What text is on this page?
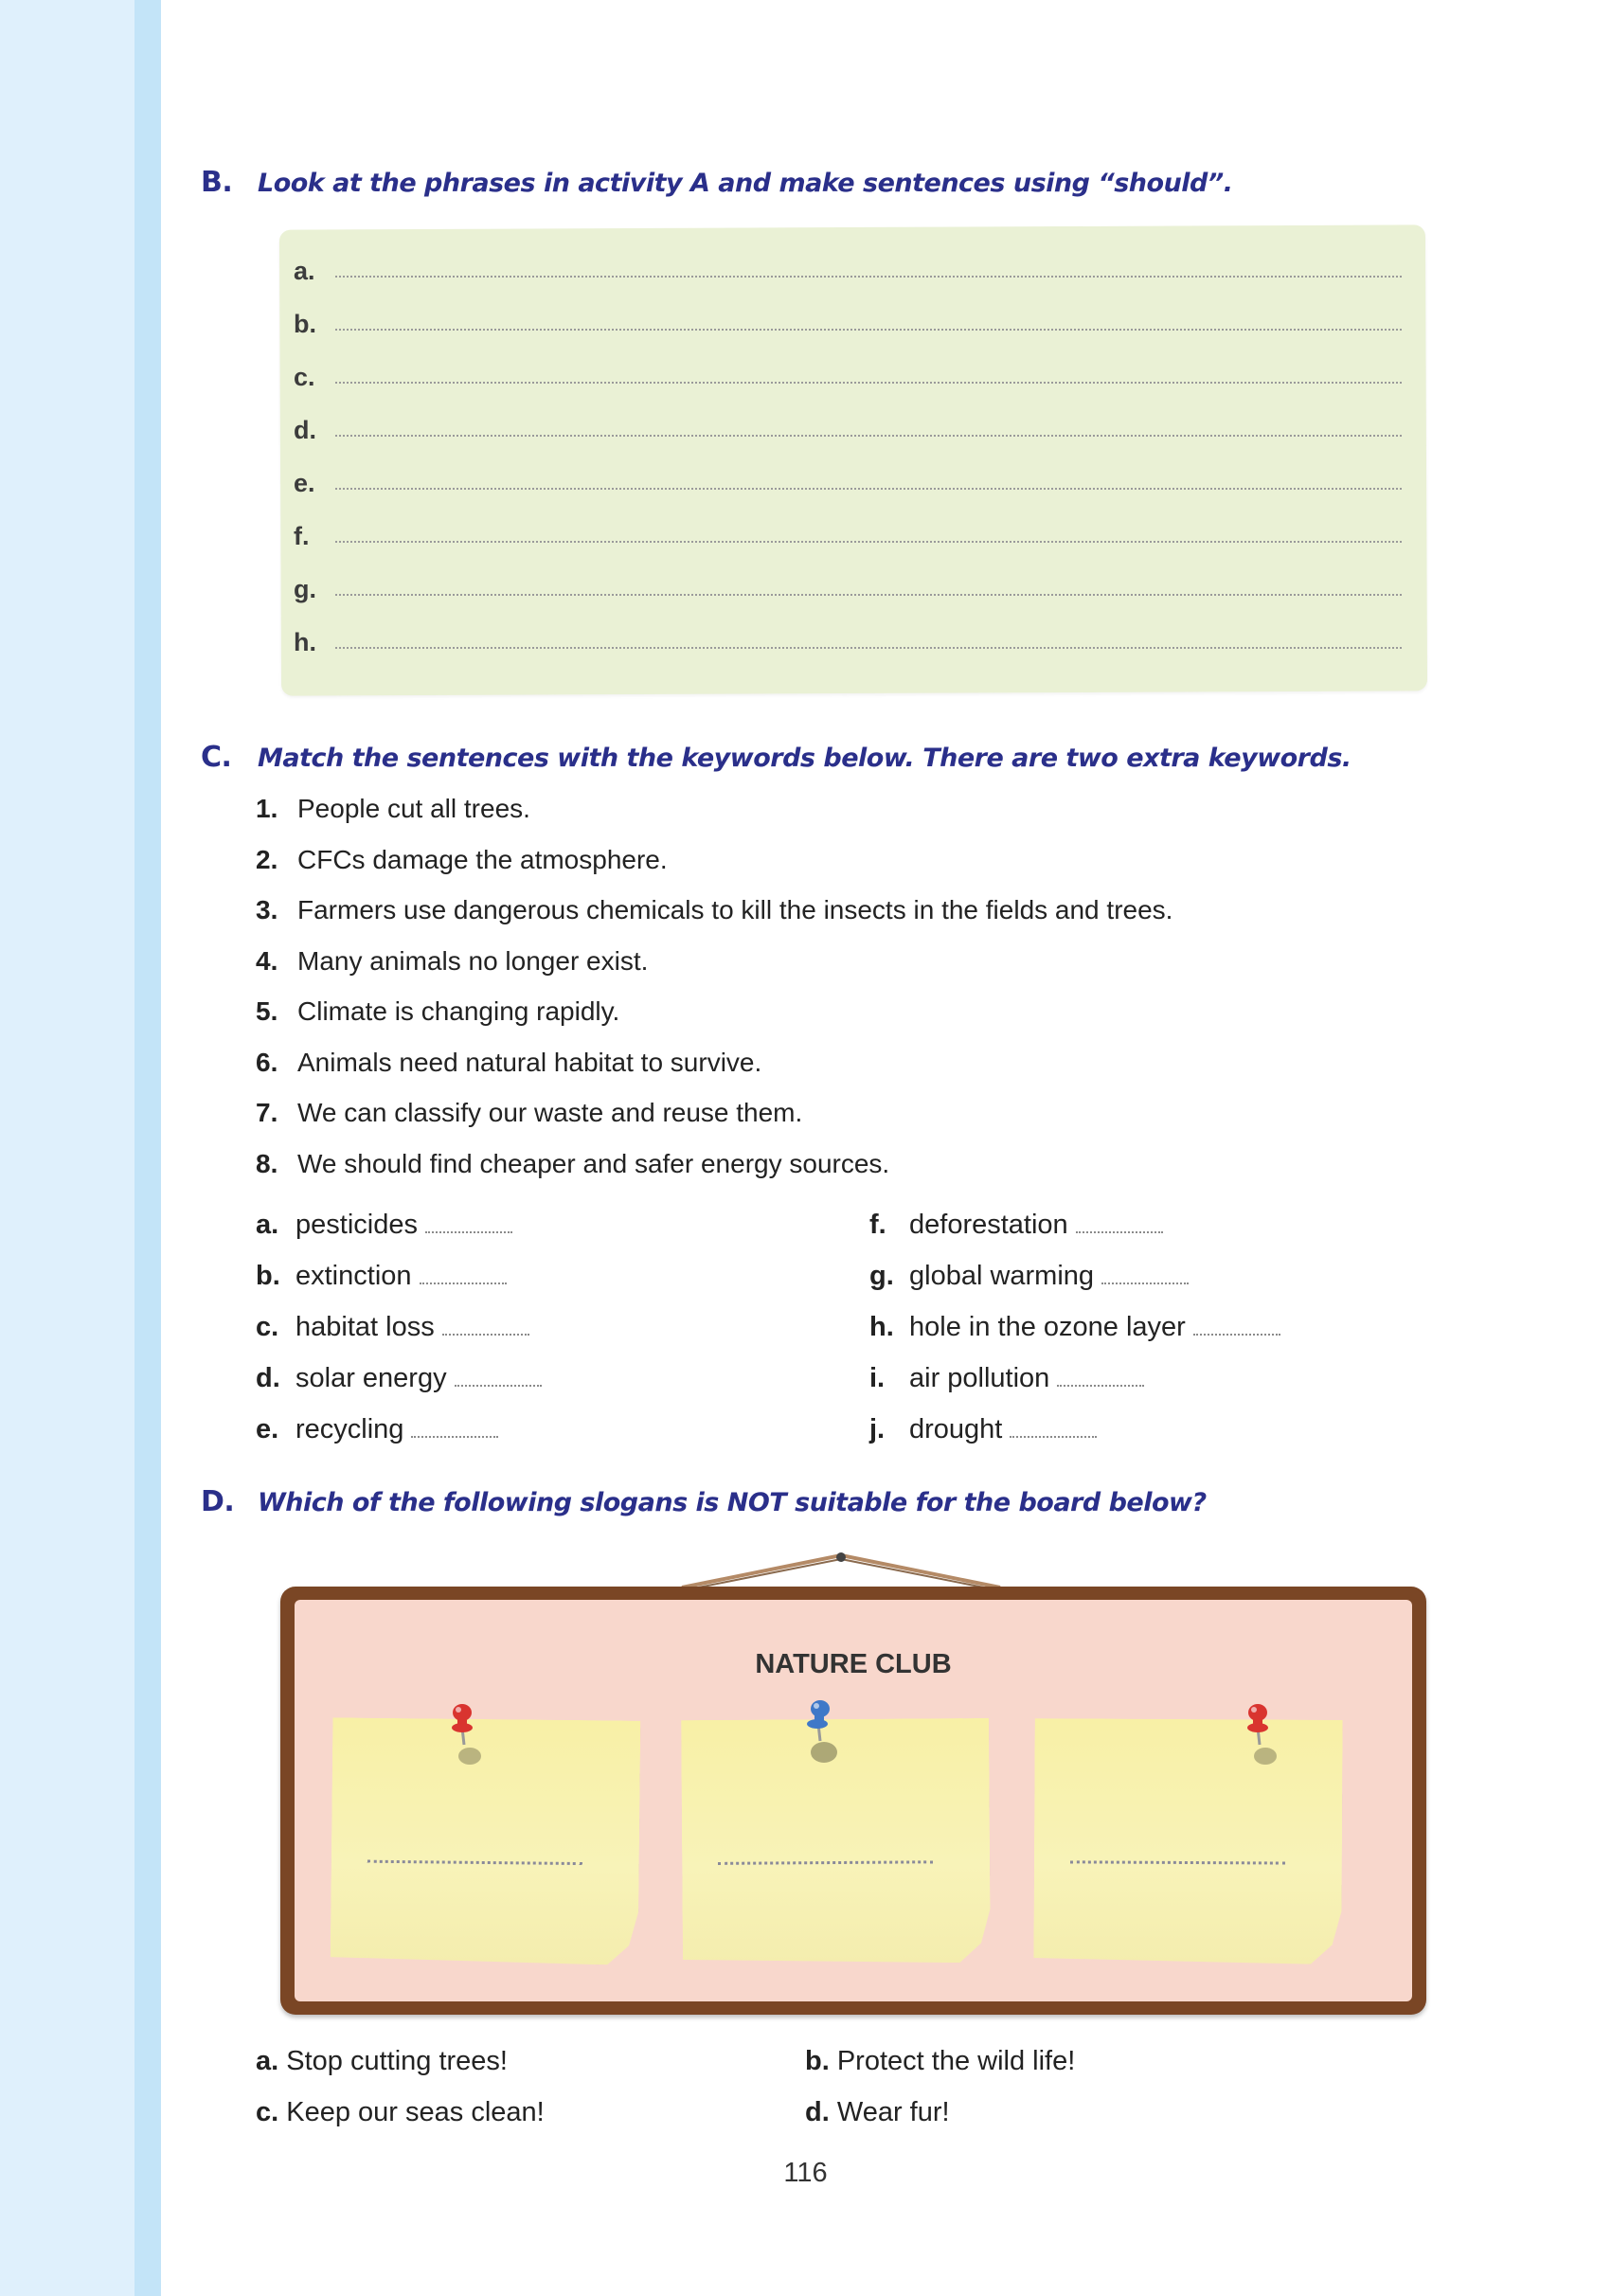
B. Look at the phrases in activity A and make sentences using “should”.
a.
b.
c.
d.
e.
f.
g.
h.
C. Match the sentences with the keywords below. There are two extra keywords.
1. People cut all trees.
2. CFCs damage the atmosphere.
3. Farmers use dangerous chemicals to kill the insects in the fields and trees.
4. Many animals no longer exist.
5. Climate is changing rapidly.
6. Animals need natural habitat to survive.
7. We can classify our waste and reuse them.
8. We should find cheaper and safer energy sources.
a. pesticides
b. extinction
c. habitat loss
d. solar energy
e. recycling
f. deforestation
g. global warming
h. hole in the ozone layer
i. air pollution
j. drought
D. Which of the following slogans is NOT suitable for the board below?
NATURE CLUB
a. Stop cutting trees!	b. Protect the wild life!
c. Keep our seas clean!	d. Wear fur!
116
